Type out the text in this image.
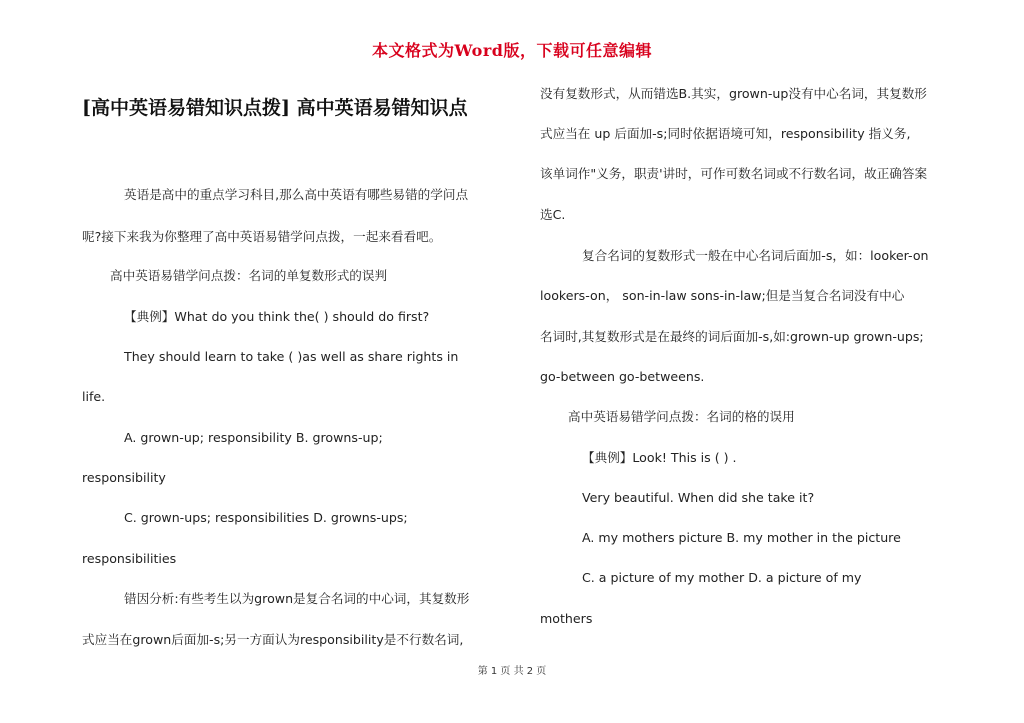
本文格式为Word版，下载可任意编辑
[高中英语易错知识点拨] 高中英语易错知识点
英语是高中的重点学习科目,那么高中英语有哪些易错的学问点
呢?接下来我为你整理了高中英语易错学问点拨，一起来看看吧。
高中英语易错学问点拨：名词的单复数形式的误判
【典例】What do you think the( ) should do first?
They should learn to take ( )as well as share rights in
life.
A. grown-up; responsibility B. growns-up;
responsibility
C. grown-ups; responsibilities D. growns-ups;
responsibilities
错因分析:有些考生以为grown是复合名词的中心词，其复数形
式应当在grown后面加-s;另一方面认为responsibility是不行数名词,
没有复数形式，从而错选B.其实，grown-up没有中心名词，其复数形
式应当在 up 后面加-s;同时依据语境可知，responsibility 指义务,
该单词作"义务，职责'讲时，可作可数名词或不行数名词，故正确答案
选C.
复合名词的复数形式一般在中心名词后面加-s，如：looker-on
lookers-on， son-in-law sons-in-law;但是当复合名词没有中心
名词时,其复数形式是在最终的词后面加-s,如:grown-up grown-ups;
go-between go-betweens.
高中英语易错学问点拨：名词的格的误用
【典例】Look! This is ( ) .
Very beautiful. When did she take it?
A. my mothers picture B. my mother in the picture
C. a picture of my mother D. a picture of my
mothers
第 1 页 共 2 页
